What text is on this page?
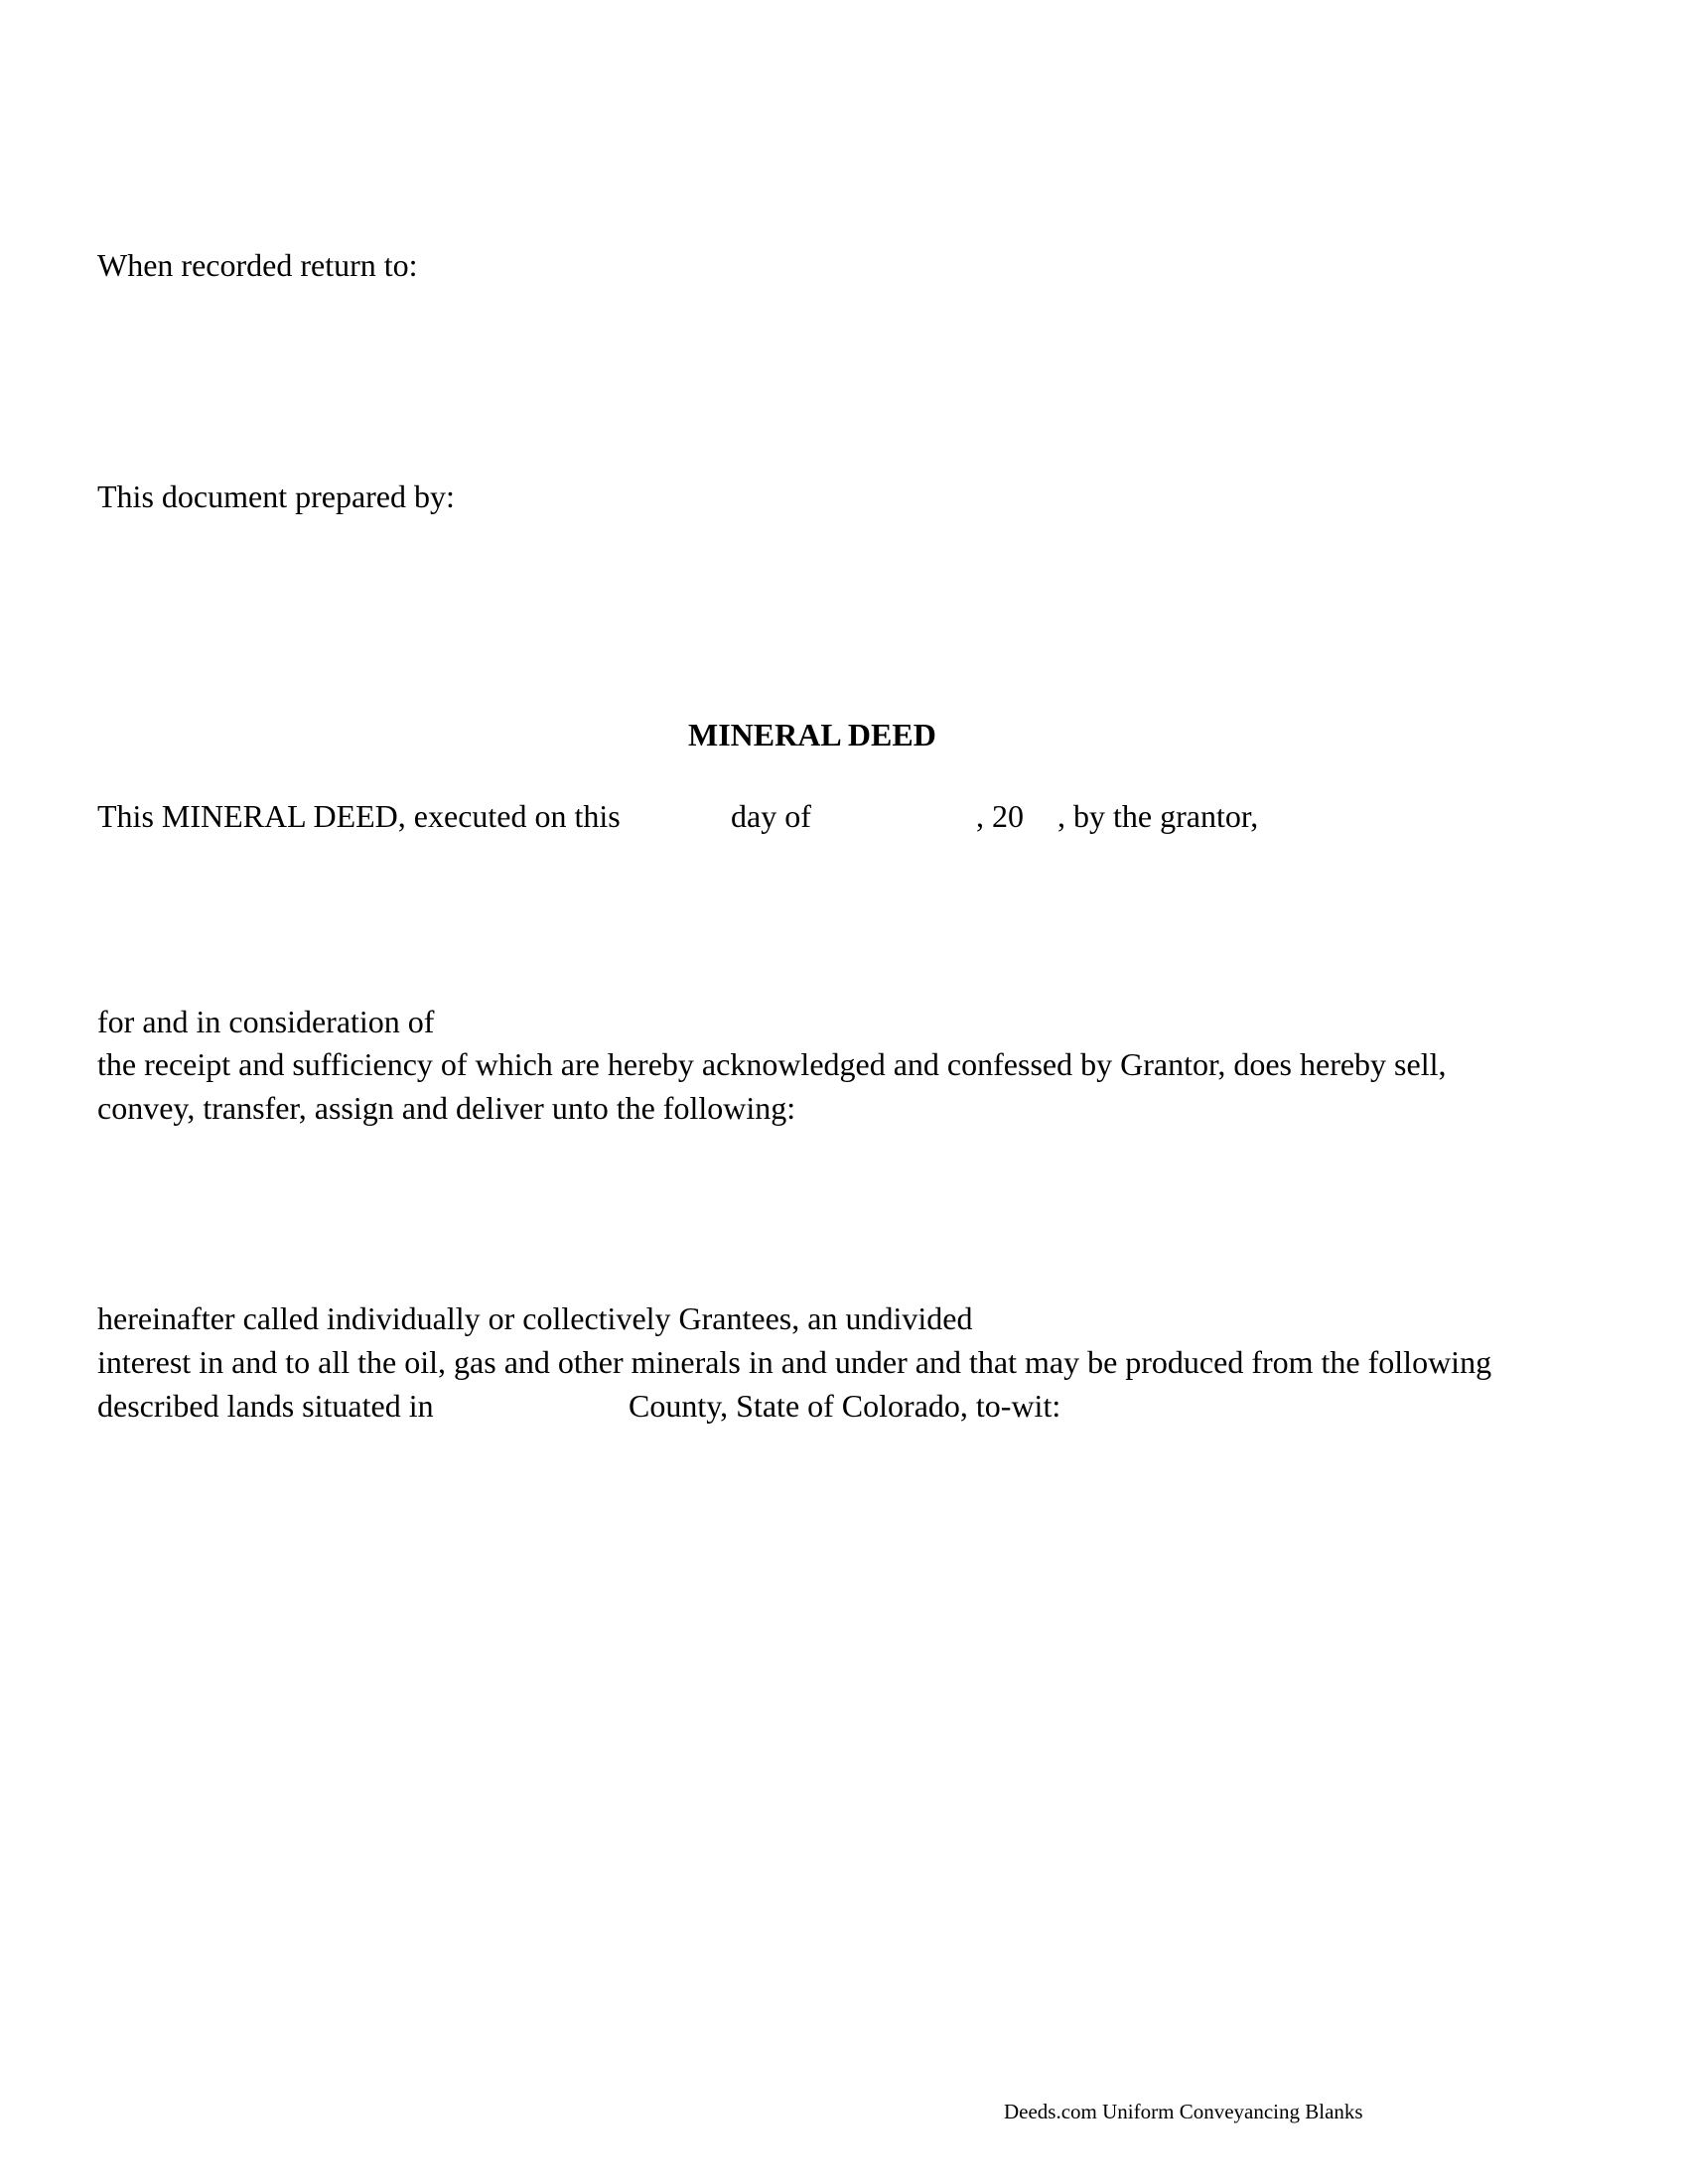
When recorded return to:
This document prepared by:
MINERAL DEED
This MINERAL DEED, executed on this	day of	, 20 , by the grantor,
for and in consideration of
the receipt and sufficiency of which are hereby acknowledged and confessed by Grantor, does hereby sell,
convey, transfer, assign and deliver unto the following:
hereinafter called individually or collectively Grantees, an undivided
interest in and to all the oil, gas and other minerals in and under and that may be produced from the following
described lands situated in	County, State of Colorado, to-wit:
Deeds.com Uniform Conveyancing Blanks
